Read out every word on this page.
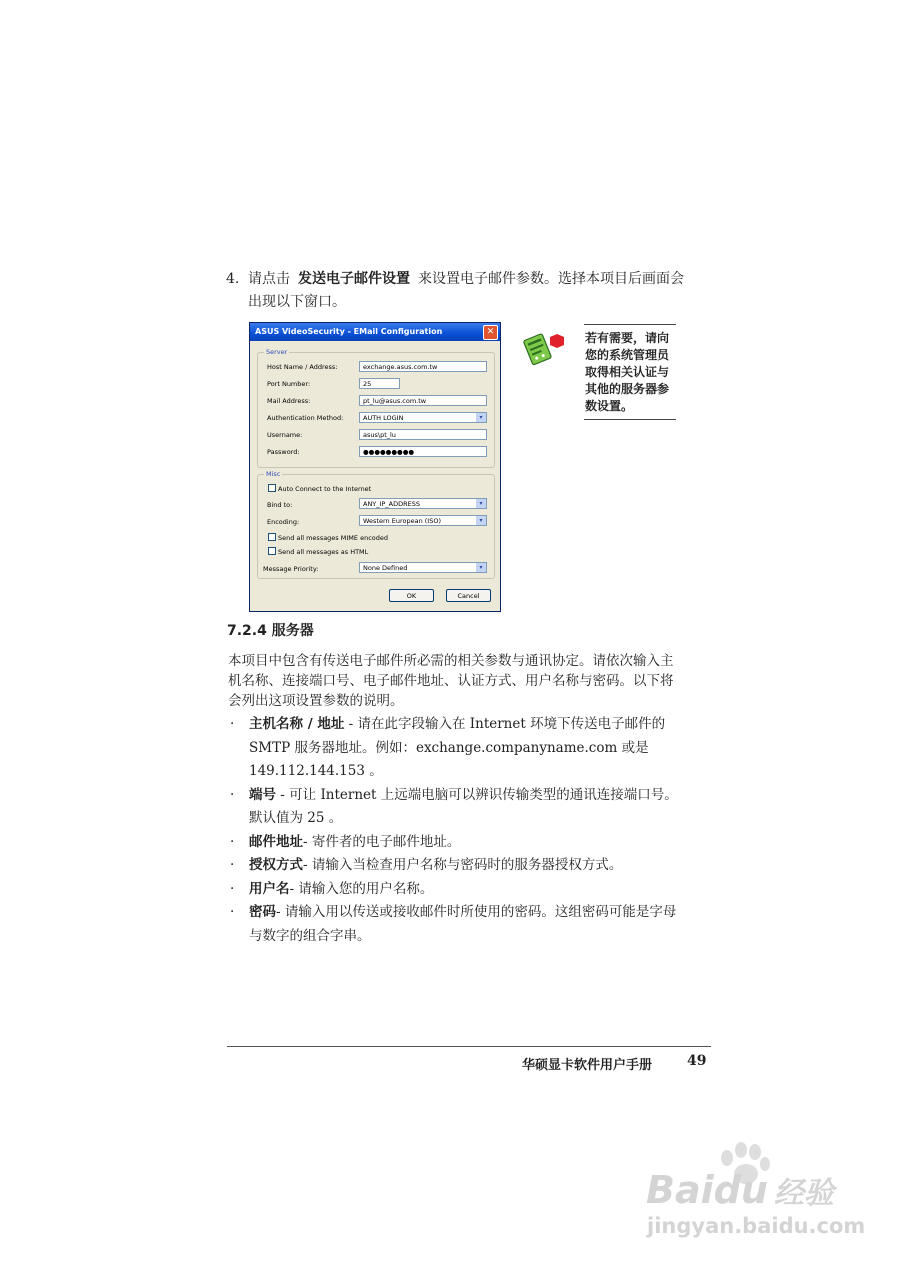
4. 请点击 发送电子邮件设置 来设置电子邮件参数。选择本项目后画面会
出现以下窗口。
ASUS VideoSecurity - EMail Configuration	✕
Server
Host Name / Address:	exchange.asus.com.tw
Port Number:	25
Mail Address:	pt_lu@asus.com.tw
Authentication Method:	AUTH LOGIN	▾
Username:	asus\pt_lu
Password:	●●●●●●●●●
Misc
Auto Connect to the Internet
Bind to:	ANY_IP_ADDRESS	▾
Encoding:	Western European (ISO)	▾
Send all messages MIME encoded
Send all messages as HTML
Message Priority:	None Defined	▾
OK	Cancel
若有需要，请向
您的系统管理员
取得相关认证与
其他的服务器参
数设置。
7.2.4 服务器
本项目中包含有传送电子邮件所必需的相关参数与通讯协定。请依次输入主机名称、连接端口号、电子邮件地址、认证方式、用户名称与密码。以下将会列出这项设置参数的说明。
· 主机名称 / 地址 - 请在此字段输入在 Internet 环境下传送电子邮件的 SMTP 服务器地址。例如：exchange.companyname.com 或是 149.112.144.153 。
· 端号 - 可让 Internet 上远端电脑可以辨识传输类型的通讯连接端口号。默认值为 25 。
· 邮件地址- 寄件者的电子邮件地址。
· 授权方式- 请输入当检查用户名称与密码时的服务器授权方式。
· 用户名- 请输入您的用户名称。
· 密码- 请输入用以传送或接收邮件时所使用的密码。这组密码可能是字母与数字的组合字串。
华硕显卡软件用户手册 49
Baidu 经验
jingyan.baidu.com
